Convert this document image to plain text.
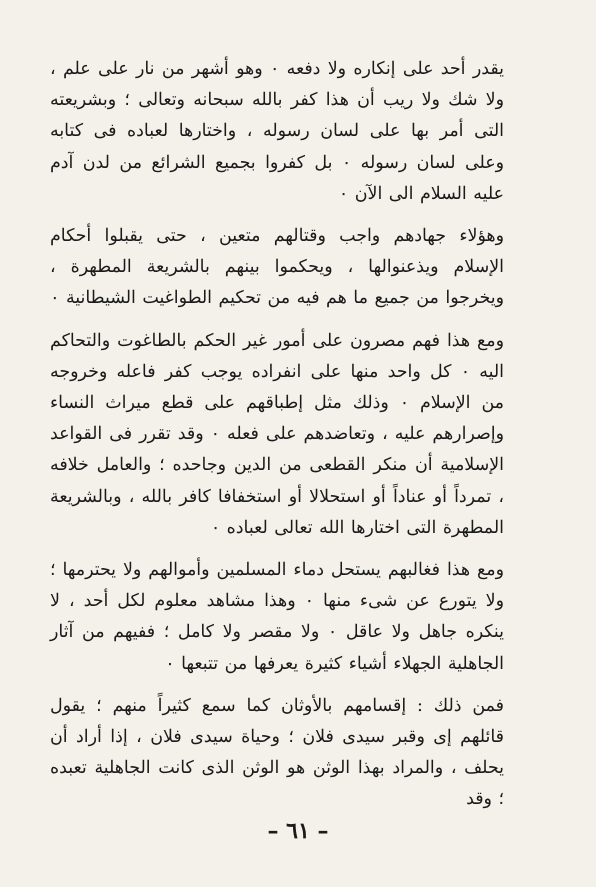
يقدر أحد على إنكاره ولا دفعه ٠ وهو أشهر من نار على علم ، ولا شك ولا ريب أن هذا كفر بالله سبحانه وتعالى ؛ وبشريعته التى أمر بها على لسان رسوله ، واختارها لعباده فى كتابه وعلى لسان رسوله ٠ بل كفروا بجميع الشرائع من لدن آدم عليه السلام الى الآن ٠

وهؤلاء جهادهم واجب وقتالهم متعين ، حتى يقبلوا أحكام الإسلام ويذعنوالها ، ويحكموا بينهم بالشريعة المطهرة ، ويخرجوا من جميع ما هم فيه من تحكيم الطواغيت الشيطانية ٠

ومع هذا فهم مصرون على أمور غير الحكم بالطاغوت والتحاكم اليه ٠ كل واحد منها على انفراده يوجب كفر فاعله وخروجه من الإسلام ٠ وذلك مثل إطباقهم على قطع ميراث النساء وإصرارهم عليه ، وتعاضدهم على فعله ٠ وقد تقرر فى القواعد الإسلامية أن منكر القطعى من الدين وجاحده ؛ والعامل خلافه ، تمرداً أو عناداً أو استحلالا أو استخفافا كافر بالله ، وبالشريعة المطهرة التى اختارها الله تعالى لعباده ٠

ومع هذا فغالبهم يستحل دماء المسلمين وأموالهم ولا يحترمها ؛ ولا يتورع عن شىء منها ٠ وهذا مشاهد معلوم لكل أحد ، لا ينكره جاهل ولا عاقل ٠ ولا مقصر ولا كامل ؛ ففيهم من آثار الجاهلية الجهلاء أشياء كثيرة يعرفها من تتبعها ٠

فمن ذلك : إقسامهم بالأوثان كما سمع كثيراً منهم ؛ يقول قائلهم إى وقبر سيدى فلان ؛ وحياة سيدى فلان ، إذا أراد أن يحلف ، والمراد بهذا الوثن هو الوثن الذى كانت الجاهلية تعبده ؛ وقد

– ٦١ –
